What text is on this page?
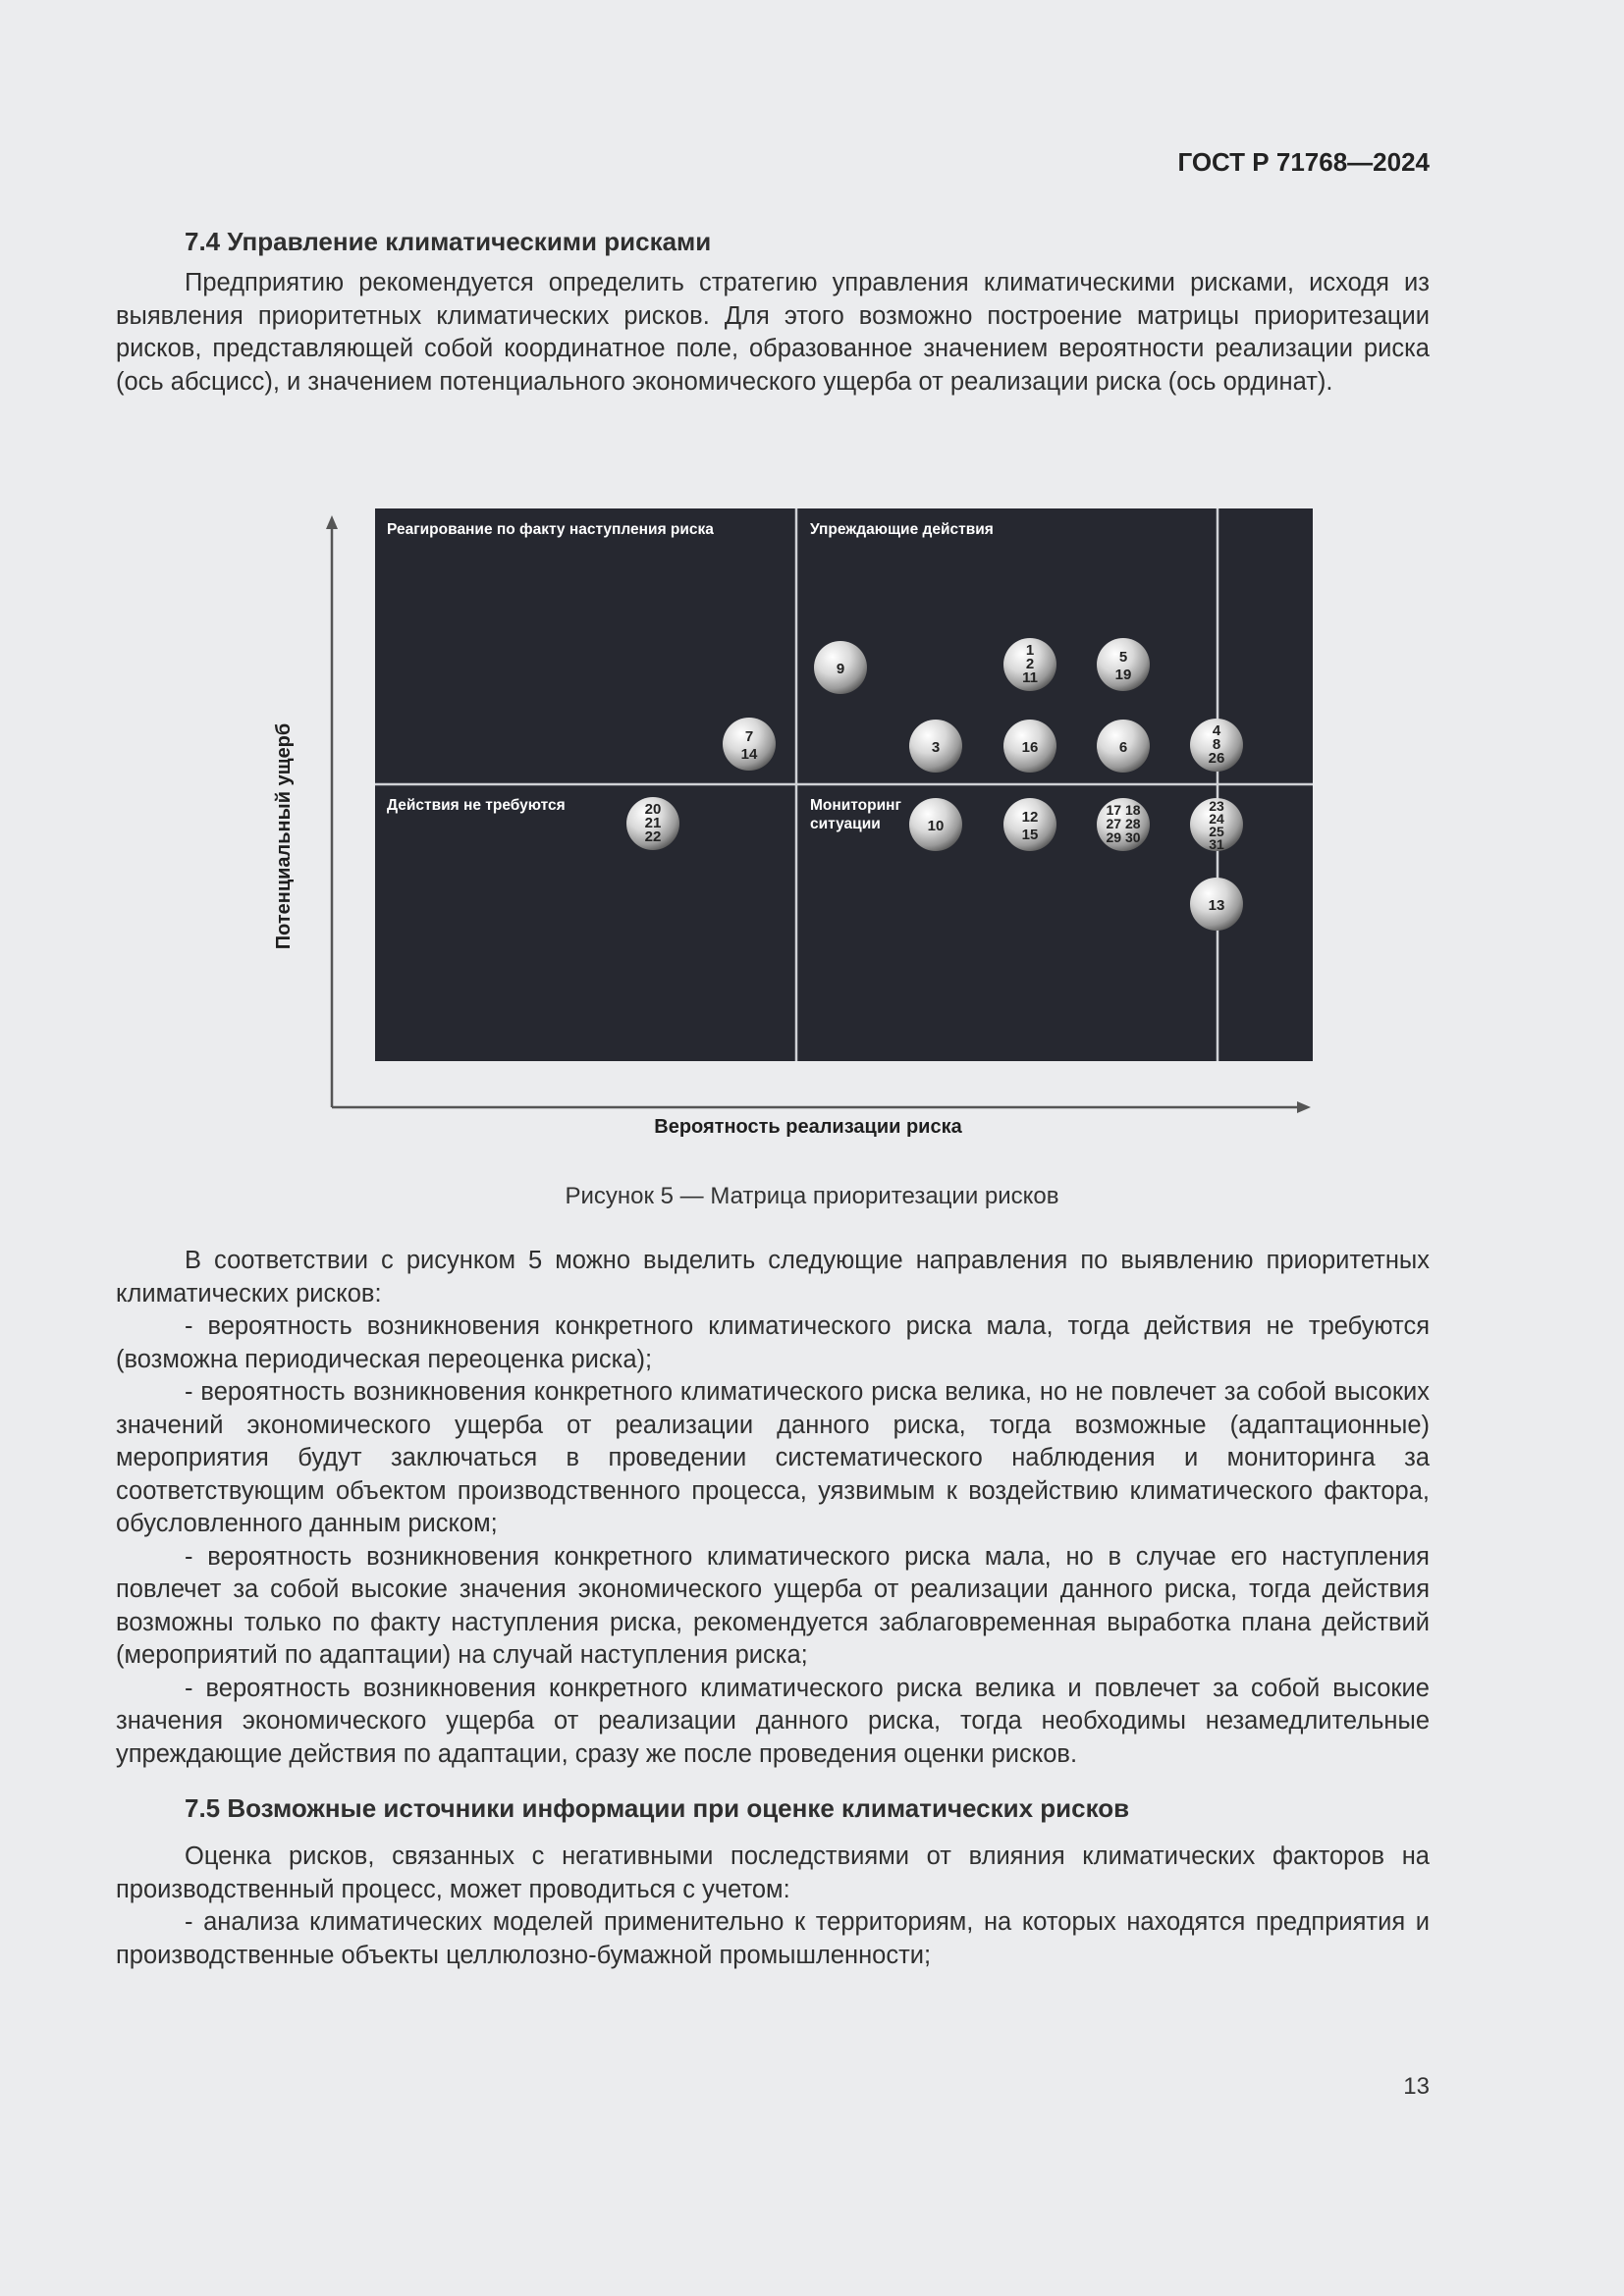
ГОСТ Р 71768—2024

7.4 Управление климатическими рисками

Предприятию рекомендуется определить стратегию управления климатическими рисками, исходя из выявления приоритетных климатических рисков. Для этого возможно построение матрицы приоритезации рисков, представляющей собой координатное поле, образованное значением вероятности реализации риска (ось абсцисс), и значением потенциального экономического ущерба от реализации риска (ось ординат).

Реагирование по факту наступления риска	Упреждающие действия
Действия не требуются	Мониторинг
ситуации
Вероятность реализации риска
Потенциальный ущерб
9
1
2
11
5
19
7
14	3	16	6
4
8
26
20
21
22
10
12
15
17 18
27 28
29 30
23
24
25
31
13
Рисунок 5 — Матрица приоритезации рисков

В соответствии с рисунком 5 можно выделить следующие направления по выявлению приоритетных климатических рисков:

- вероятность возникновения конкретного климатического риска мала, тогда действия не требуются (возможна периодическая переоценка риска);

- вероятность возникновения конкретного климатического риска велика, но не повлечет за собой высоких значений экономического ущерба от реализации данного риска, тогда возможные (адаптационные) мероприятия будут заключаться в проведении систематического наблюдения и мониторинга за соответствующим объектом производственного процесса, уязвимым к воздействию климатического фактора, обусловленного данным риском;

- вероятность возникновения конкретного климатического риска мала, но в случае его наступления повлечет за собой высокие значения экономического ущерба от реализации данного риска, тогда действия возможны только по факту наступления риска, рекомендуется заблаговременная выработка плана действий (мероприятий по адаптации) на случай наступления риска;

- вероятность возникновения конкретного климатического риска велика и повлечет за собой высокие значения экономического ущерба от реализации данного риска, тогда необходимы незамедлительные упреждающие действия по адаптации, сразу же после проведения оценки рисков.

7.5 Возможные источники информации при оценке климатических рисков

Оценка рисков, связанных с негативными последствиями от влияния климатических факторов на производственный процесс, может проводиться с учетом:

- анализа климатических моделей применительно к территориям, на которых находятся предприятия и производственные объекты целлюлозно-бумажной промышленности;

13
